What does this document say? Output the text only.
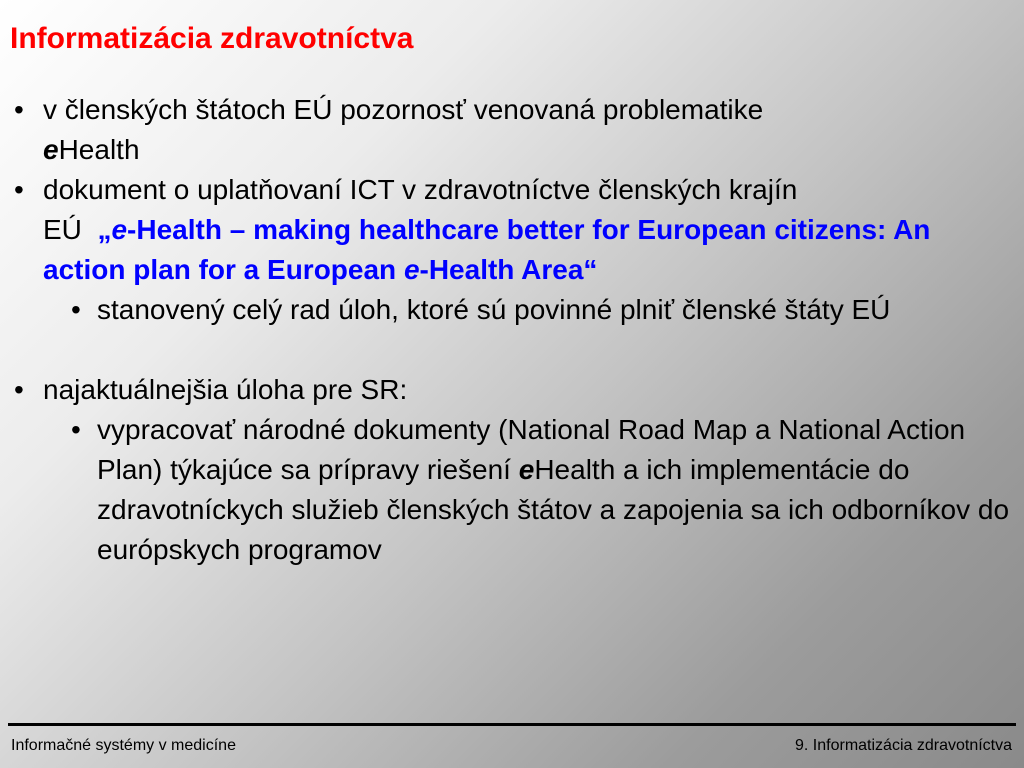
Informatizácia zdravotníctva
• v členských štátoch EÚ pozornosť venovaná problematike
eHealth
• dokument o uplatňovaní ICT v zdravotníctve členských krajín
EÚ  „e-Health – making healthcare better for European citizens: An action plan for a European e-Health Area“
• stanovený celý rad úloh, ktoré sú povinné plniť členské štáty EÚ
• najaktuálnejšia úloha pre SR:
• vypracovať národné dokumenty (National Road Map a National Action Plan) týkajúce sa prípravy riešení eHealth a ich implementácie do zdravotníckych služieb členských štátov a zapojenia sa ich odborníkov do európskych programov
Informačné systémy v medicíne	9. Informatizácia zdravotníctva
